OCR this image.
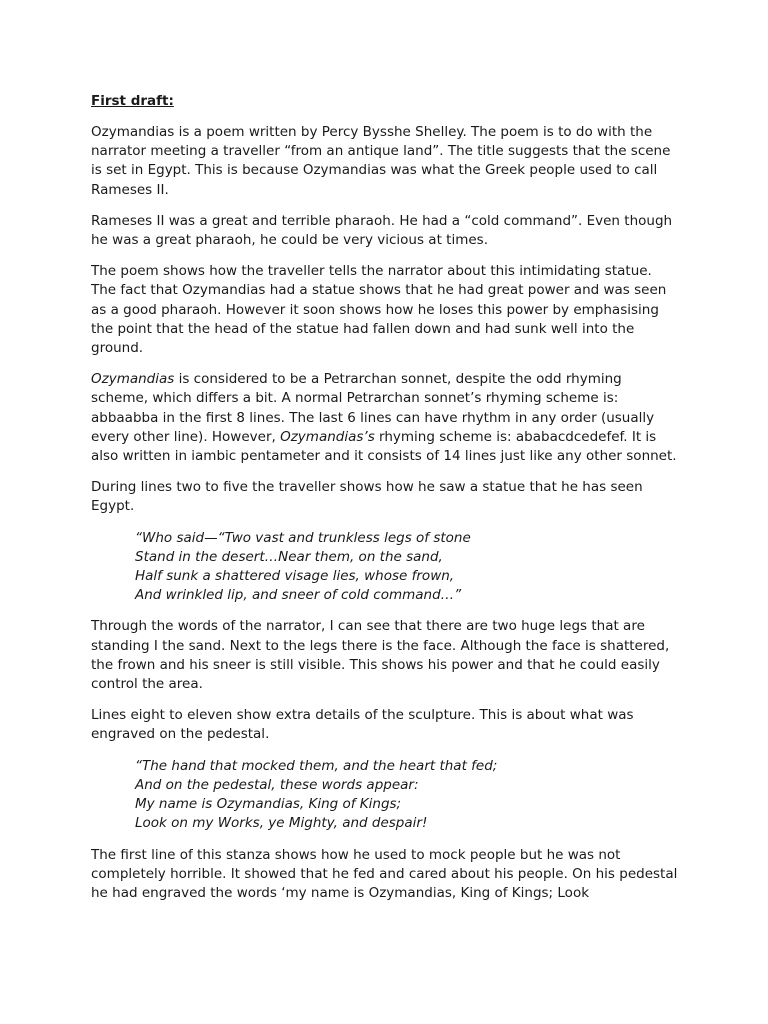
First draft:

Ozymandias is a poem written by Percy Bysshe Shelley. The poem is to do with the narrator meeting a traveller “from an antique land”. The title suggests that the scene is set in Egypt. This is because Ozymandias was what the Greek people used to call Rameses II.

Rameses II was a great and terrible pharaoh. He had a “cold command”. Even though he was a great pharaoh, he could be very vicious at times.

The poem shows how the traveller tells the narrator about this intimidating statue. The fact that Ozymandias had a statue shows that he had great power and was seen as a good pharaoh. However it soon shows how he loses this power by emphasising the point that the head of the statue had fallen down and had sunk well into the ground.

Ozymandias is considered to be a Petrarchan sonnet, despite the odd rhyming scheme, which differs a bit. A normal Petrarchan sonnet’s rhyming scheme is: abbaabba in the first 8 lines. The last 6 lines can have rhythm in any order (usually every other line). However, Ozymandias’s rhyming scheme is: ababacdcedefef. It is also written in iambic pentameter and it consists of 14 lines just like any other sonnet.

During lines two to five the traveller shows how he saw a statue that he has seen Egypt.

“Who said—“Two vast and trunkless legs of stone
Stand in the desert…Near them, on the sand,
Half sunk a shattered visage lies, whose frown,
And wrinkled lip, and sneer of cold command…”

Through the words of the narrator, I can see that there are two huge legs that are standing I the sand. Next to the legs there is the face. Although the face is shattered, the frown and his sneer is still visible. This shows his power and that he could easily control the area.

Lines eight to eleven show extra details of the sculpture. This is about what was engraved on the pedestal.

“The hand that mocked them, and the heart that fed;
And on the pedestal, these words appear:
My name is Ozymandias, King of Kings;
Look on my Works, ye Mighty, and despair!

The first line of this stanza shows how he used to mock people but he was not completely horrible. It showed that he fed and cared about his people. On his pedestal he had engraved the words ‘my name is Ozymandias, King of Kings; Look
